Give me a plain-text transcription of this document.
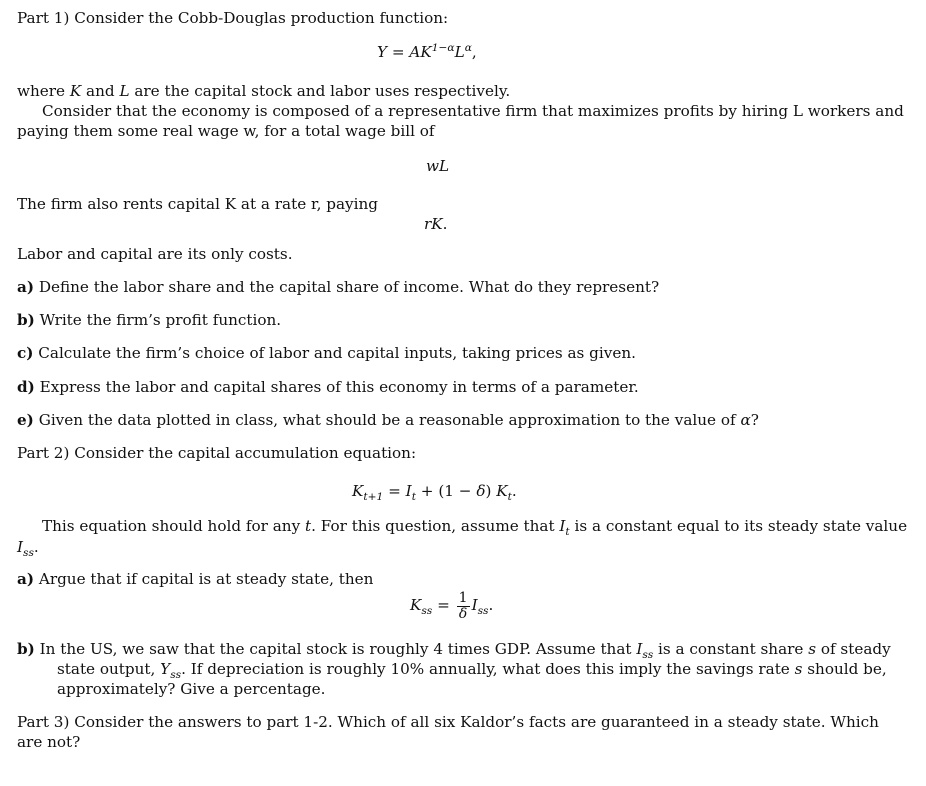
Part 1) Consider the Cobb-Douglas production function:
$Y = AK^{1-\alpha}L^\alpha$,
where K and L are the capital stock and labor uses respectively.
Consider that the economy is composed of a representative firm that maximizes profits by hiring L workers and
paying them some real wage w, for a total wage bill of
wL
The firm also rents capital K at a rate r, paying
rK.
Labor and capital are its only costs.
a) Define the labor share and the capital share of income. What do they represent?
b) Write the firm’s profit function.
c) Calculate the firm’s choice of labor and capital inputs, taking prices as given.
d) Express the labor and capital shares of this economy in terms of a parameter.
e) Given the data plotted in class, what should be a reasonable approximation to the value of α?
Part 2) Consider the capital accumulation equation:
$K_{t+1} = I_t + (1 - \delta)$ $K_t$.
This equation should hold for any t. For this question, assume that $I_t$ is a constant equal to its steady state value
$I_{ss}$.
a) Argue that if capital is at steady state, then
$K_{ss} = \frac{1}{\delta} I_{ss}$.
b) In the US, we saw that the capital stock is roughly 4 times GDP. Assume that $I_{ss}$ is a constant share s of steady
state output, $Y_{ss}$. If depreciation is roughly 10% annually, what does this imply the savings rate s should be,
approximately? Give a percentage.
Part 3) Consider the answers to part 1-2. Which of all six Kaldor’s facts are guaranteed in a steady state. Which
are not?
